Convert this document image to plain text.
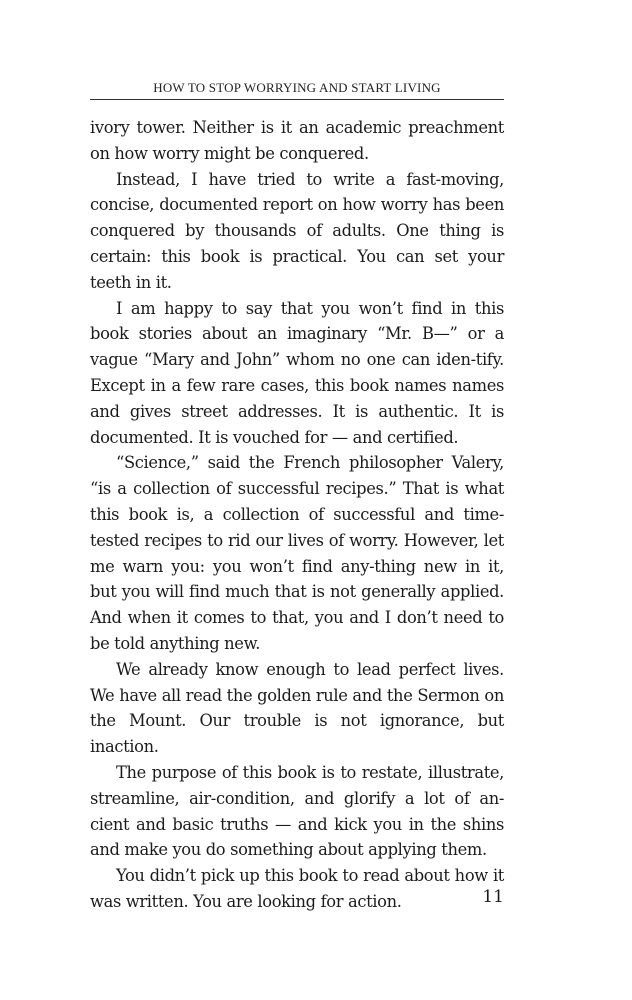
HOW TO STOP WORRYING AND START LIVING

ivory tower. Neither is it an academic preachment on how worry might be conquered.

Instead, I have tried to write a fast-moving, concise, documented report on how worry has been conquered by thousands of adults. One thing is certain: this book is practical. You can set your teeth in it.

I am happy to say that you won’t find in this book stories about an imaginary “Mr. B—” or a vague “Mary and John” whom no one can iden-tify. Except in a few rare cases, this book names names and gives street addresses. It is authentic. It is documented. It is vouched for — and certified.

“Science,” said the French philosopher Valery, “is a collection of successful recipes.” That is what this book is, a collection of successful and time-tested recipes to rid our lives of worry. However, let me warn you: you won’t find any-thing new in it, but you will find much that is not generally applied. And when it comes to that, you and I don’t need to be told anything new.

We already know enough to lead perfect lives. We have all read the golden rule and the Sermon on the Mount. Our trouble is not ignorance, but inaction.

The purpose of this book is to restate, illustrate, streamline, air-condition, and glorify a lot of an-cient and basic truths — and kick you in the shins and make you do something about applying them.

You didn’t pick up this book to read about how it was written. You are looking for action.	11
